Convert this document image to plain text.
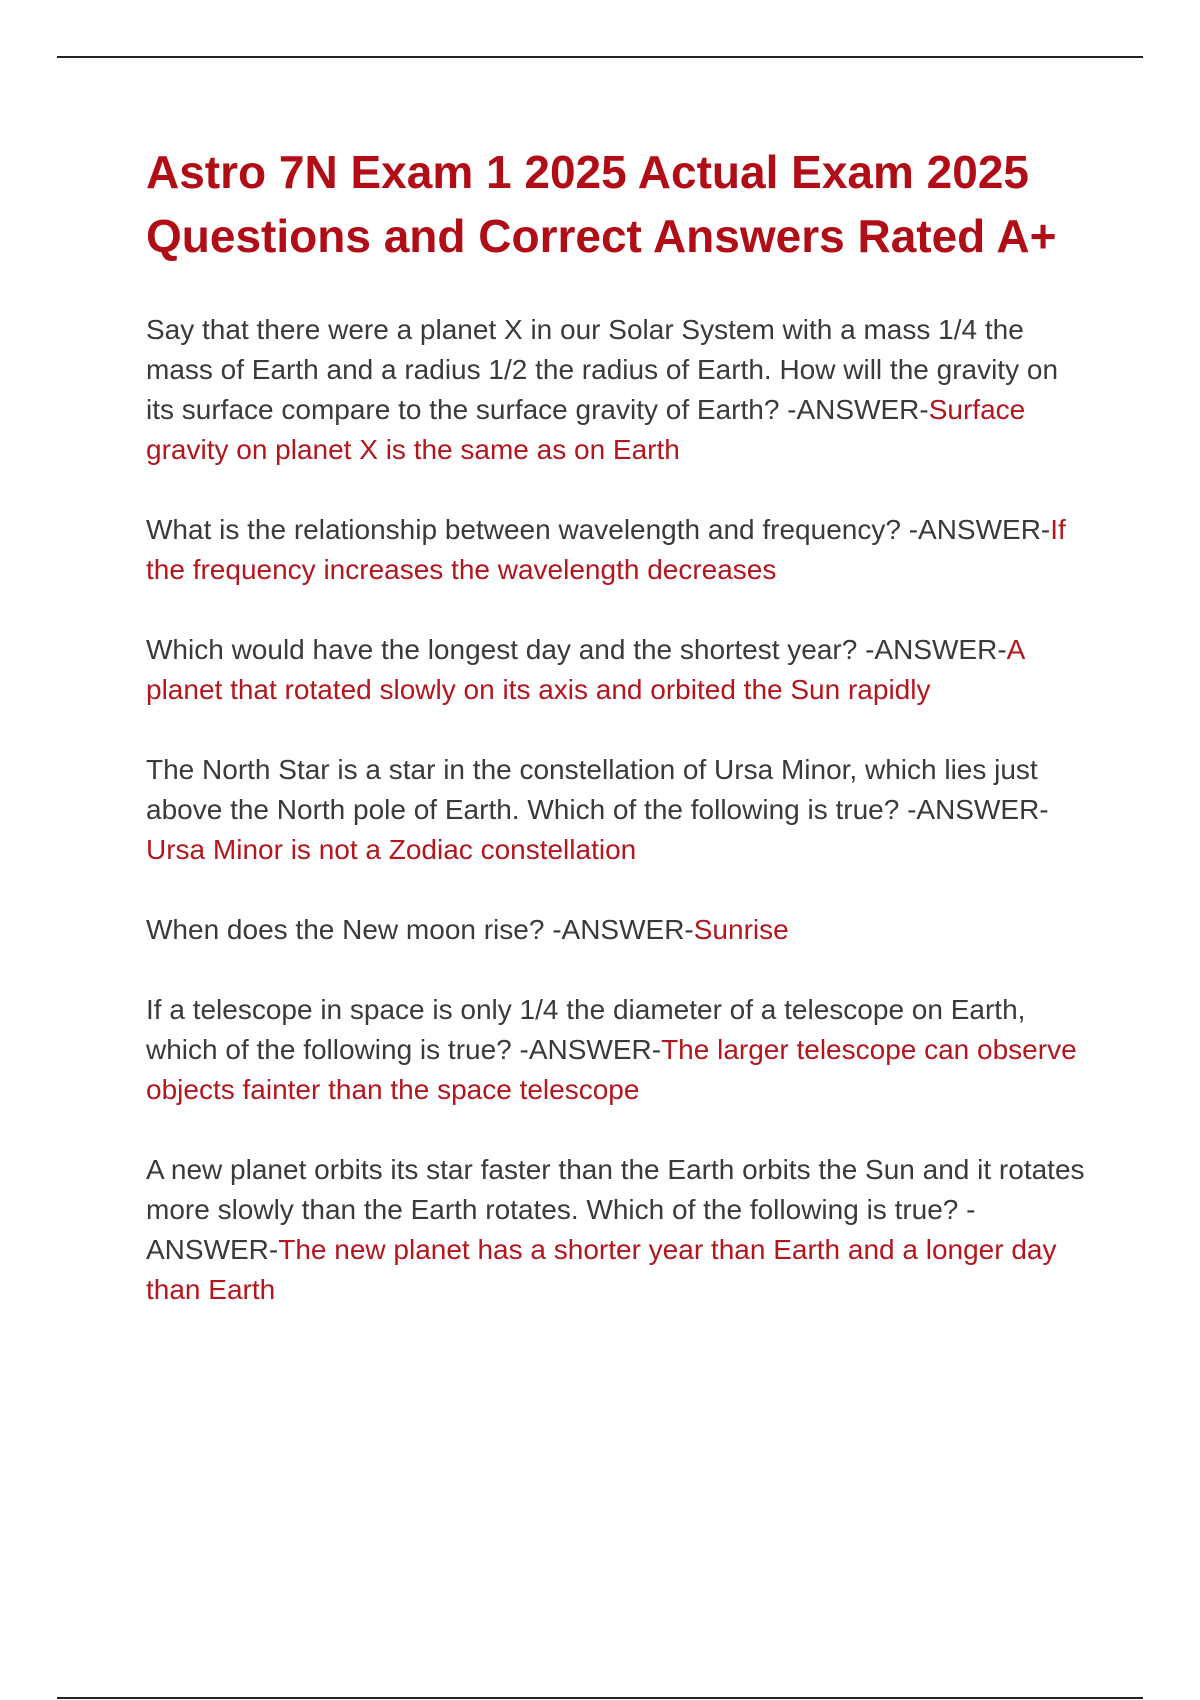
Astro 7N Exam 1 2025 Actual Exam 2025 Questions and Correct Answers Rated A+

Say that there were a planet X in our Solar System with a mass 1/4 the mass of Earth and a radius 1/2 the radius of Earth. How will the gravity on its surface compare to the surface gravity of Earth? -ANSWER-Surface gravity on planet X is the same as on Earth

What is the relationship between wavelength and frequency? -ANSWER-If the frequency increases the wavelength decreases

Which would have the longest day and the shortest year? -ANSWER-A planet that rotated slowly on its axis and orbited the Sun rapidly

The North Star is a star in the constellation of Ursa Minor, which lies just above the North pole of Earth. Which of the following is true? -ANSWER-Ursa Minor is not a Zodiac constellation

When does the New moon rise? -ANSWER-Sunrise

If a telescope in space is only 1/4 the diameter of a telescope on Earth, which of the following is true? -ANSWER-The larger telescope can observe objects fainter than the space telescope

A new planet orbits its star faster than the Earth orbits the Sun and it rotates more slowly than the Earth rotates. Which of the following is true? -ANSWER-The new planet has a shorter year than Earth and a longer day than Earth
